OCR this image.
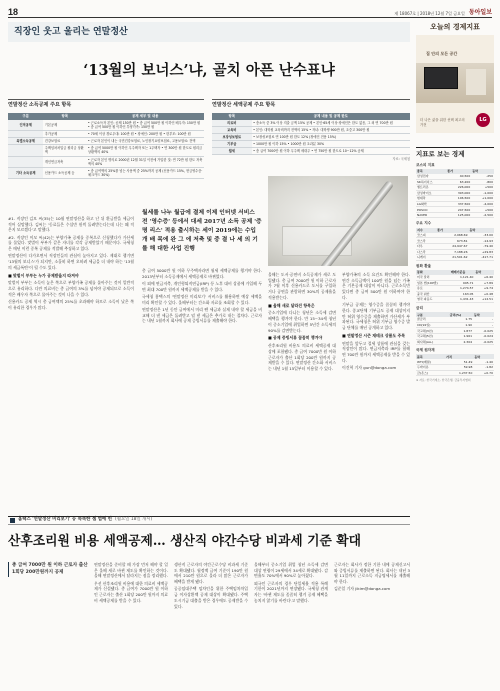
18	제 18067호 | 2018년 12월 7일 금요일 동아일보
직장인 웃고 울리는 연말정산
‘13월의 보너스’냐, 골치 아픈 난수표냐
연말정산 소득공제 주요 항목
구분	항목	공제 세부 및 내용
인적공제	기본공제	• 근로소득자 본인: 공제 150만 원 • 총 급여 500만 원 이하인 배우자: 150만 원 • 총 급여 500만 원 이하인 부양가족: 150만 원
	추가공제	• 70세 이상 경로우대: 100만 원 • 장애인: 200만 원 • 한부모: 100만 원
특별소득공제	건강보험료	• 근로자 본인이 내는 국민건강보험료, 노인장기요양보험료, 고용보험료: 전액
	주택임차차입금 원리금 상환액	• 총 급여 5000만 원 이하인 무주택자 또는 1주택자 • 연 300만 원 한도로 원리금 상환액의 40%
	개인연금저축	• 근로자 본인 명의로 2000년 12월 31일 이전에 가입한 것: 연 72만 원 한도 저축액의 40%
기타 소득공제	신용카드 소득공제 등	• 총 급여액의 25%를 넘는 사용액 중 25%까지 공제 (신용카드 15%, 현금영수증·체크카드 30%)
연말정산 세액공제 주요 항목
항목	공제 내용 및 공제 한도
의료비	• 총소득 중 3% 이상 지출 금액 15% 공제 • 본인·65세 이상·장애인은 한도 없음, 그 외 연 700만 원
교육비	• 본인: 대학원 교육비까지 전액의 15% • 자녀: 대학생 900만 원, 초중고 300만 원
보장성보험료	• 보장성보험료 연 100만 원 한도 12% (장애인 전용 15%)
기부금	• 1000만 원 이하 15% • 1000만 원 초과분 30%
월세	• 총 급여 7000만 원 이하 무주택 세대주 • 연 750만 원 한도로 10~12% 공제
자료: 국세청

#1. 직장인 김모 씨(35)는 10월 연말정산을 하고 난 뒤 환급받을 세금이 적어 실망했다. 김씨는 '동료들은 수십만 원씩 돌려받는다는데 나는 왜 적은지 모르겠다'고 말했다.

#2. 직장인 이모 씨(42)는 부양가족 공제를 중복으로 신청했다가 가산세를 물었다. 맞벌이 부부가 같은 자녀를 각각 공제받았기 때문이다. 국세청은 매년 이런 중복 공제를 적발해 추징하고 있다.

연말정산이 다가오면서 직장인들의 관심이 높아지고 있다. 제대로 챙기면 '13월의 보너스'가 되지만, 소홀히 하면 오히려 세금을 더 내야 하는 '13월의 세금폭탄'이 될 수도 있다.

■ 맞벌이 부부는 누가 공제받을지 따져야

맞벌이 부부는 소득이 높은 쪽으로 부양가족 공제를 몰아주는 것이 일반적으로 유리하다. 다만 의료비는 총 급여의 3%를 넘어야 공제되므로 소득이 적은 배우자 쪽으로 몰아주는 것이 나을 수 있다.

신용카드 공제 역시 총 급여액의 25%를 초과해야 하므로 소득이 낮은 쪽이 유리한 경우가 많다.

월세를 나누 월급에 결제 이제 인터넷 서비스 전 '영수증' 등에서 대세 2017년 소득 공제 '증명 리스' 적용 출시하는 세이 2019에는 수입 개 배 목에 완 그 에 저축 및 중 결 나 세 의 기 를 해 대한 사업 진행

총 급여 5000만 원 이하 무주택자라면 월세 세액공제를 챙겨야 한다. 2013년부터 소득공제에서 세액공제로 바뀌었다.

이 외에 연금저축, 개인형퇴직연금(IRP) 등 노후 대비 상품에 가입해 두면 최대 700만 원까지 세액공제를 받을 수 있다.

국세청 홈택스의 '연말정산 미리보기' 서비스를 활용하면 예상 세액을 미리 확인할 수 있다. 올해부터는 간소화 자료를 조회할 수 있다.

연말정산은 1년 동안 급여에서 미리 뗀 세금과 실제 내야 할 세금을 비교해 더 낸 세금은 돌려받고 덜 낸 세금은 추가로 내는 절차다. 근로자는 내년 1월까지 회사에 공제 증빙서류를 제출해야 한다.

올해는 도서·공연비 소득공제가 새로 도입됐다. 총 급여 7000만 원 이하 근로자가 7월 이후 신용카드로 도서를 구입하거나 공연을 관람하면 30%의 공제율을 적용받는다.

■ 올해 새로 달라진 항목은

중소기업에 다니는 청년은 소득세 감면 혜택을 챙겨야 한다. 만 15~34세 청년이 중소기업에 취업하면 5년간 소득세의 90%를 감면받는다.

■ 공제 증빙서류 꼼꼼히 챙겨야

산후조리원 비용도 의료비 세액공제 대상에 포함됐다. 총 급여 7000만 원 이하 근로자가 출산 1회당 200만 원까지 공제받을 수 있다. 연말정산 간소화 서비스는 내년 1월 15일부터 이용할 수 있다.

부양가족의 소득 요건도 확인해야 한다. 연간 소득금액이 100만 원을 넘는 가족은 기본공제 대상이 아니다. 근로소득만 있다면 총 급여 500만 원 이하여야 한다.

기부금 공제는 영수증을 꼼꼼히 챙겨야 한다. 종교단체 기부금도 공제 대상이지만 허위 영수증을 제출하면 가산세가 부과된다. 국세청은 허위 기부금 영수증 발급 단체를 매년 공개하고 있다.

■ 연말정산 시즌 재테크 상품도 주목

연말을 앞두고 절세 상품에 관심을 갖는 직장인이 많다. 연금저축과 IRP를 합해 연 700만 원까지 세액공제를 받을 수 있다.

이건혁 기자 gun@donga.com

홈택스 '연말정산 미리보기' 등 똑똑한 셈 법에 힌 (월요일 18일 개시)
산후조리원 비용 세액공제… 생산직 야간수당 비과세 기준 확대
총 급여 7000만 원 이하 근로자 출산 1회당 200만원까지 공제

연말정산을 준비할 때 가장 먼저 해야 할 일은 올해 새로 바뀐 제도를 확인하는 것이다. 올해 연말정산에서 달라지는 점을 정리했다.

우선 산후조리원 비용에 대한 의료비 세액공제가 신설됐다. 총 급여가 7000만 원 이하인 근로자는 출산 1회당 200만 원까지 의료비 세액공제를 받을 수 있다.

생산직 근로자의 야간근로수당 비과세 기준도 확대됐다. 월정액 급여 기준이 190만 원에서 210만 원으로 올라 더 많은 근로자가 혜택을 받게 됐다.

공공임대주택 임차인을 위한 주택임차차입금 이자상환액 공제 대상이 확대됐다. 주택도시기금 대출을 받은 경우에도 공제받을 수 있다.

올해부터 중소기업 취업 청년 소득세 감면 대상 연령이 29세에서 34세로 확대됐다. 감면율도 70%에서 90%로 높아졌다.

외국인 근로자의 경우 단일세율 적용 특례 기한이 2021년까지 연장됐다. 국세청 관계자는 '바뀐 제도를 꼼꼼히 챙겨 공제 혜택을 놓치지 않기를 바란다'고 말했다.

근로자는 회사가 정한 기한 내에 공제신고서와 증빙서류를 제출하면 된다. 회사는 내년 3월 11일까지 근로소득 지급명세서를 제출해야 한다.

김준일 기자 jikim@donga.com

오늘의 경제지표
집 안의 모든 공간
더 나은 삶을 위한 선택 최고의 가전
LG
지표로 보는 경제
코스피 지표
종목	종가	등락
삼성전자	40,500	-250
SK하이닉스	63,200	-800
셀트리온	226,000	+500
삼성바이오	393,000	-1,000
현대차	106,500	+1,000
LG화학	337,500	-4,000
POSCO	247,500	+500
NAVER	125,000	-2,500
주요 지수
지수	종가	등락
코스피	2,068.69	-33.00
코스닥	673.81	-14.93
다우	24,947.67	-79.40
나스닥	7,188.26	+29.83
니케이	21,501.62	-417.71
원화 환율
통화	매매기준율	등락
미국 달러	1,121.40	+6.40
일본 엔(100엔)	995.71	+7.89
유로	1,274.57	+9.74
중국 위안	163.05	+0.48
영국 파운드	1,431.43	+12.51
금리
구분	금리(%)	등락
콜금리	1.75	-
CD(91일)	1.90	-
국고채(3년)	1.877	-0.025
국고채(5년)	1.961	-0.024
회사채(AA-)	2.304	-0.025
국제 원자재
품목	가격	등락
WTI(배럴)	51.49	-1.40
두바이유	59.98	-1.82
금(온스)	1,237.50	+0.70
※ 자료: 한국거래소, 한국은행, 금융투자협회
